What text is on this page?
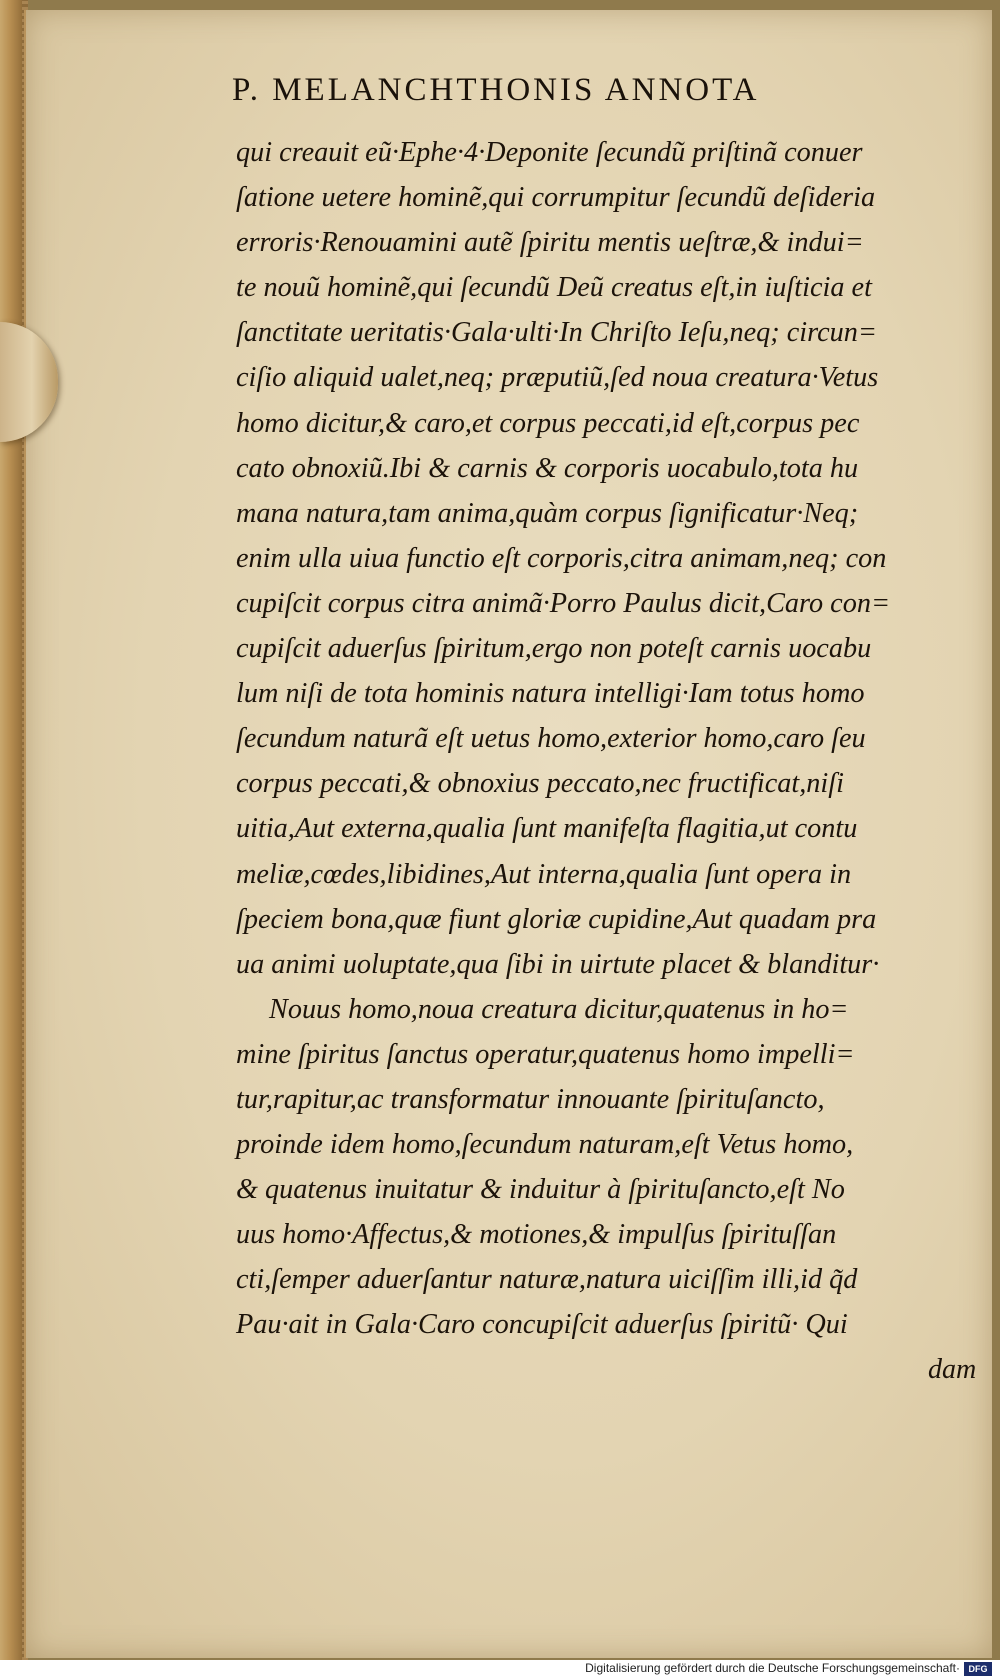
P. MELANCHTHONIS ANNOTA
qui creauit eũ·Ephe·4·Deponite ſecundũ priſtinã conuer
ſatione uetere hominẽ,qui corrumpitur ſecundũ deſideria
erroris·Renouamini autẽ ſpiritu mentis ueſtræ,& indui=
te nouũ hominẽ,qui ſecundũ Deũ creatus eſt,in iuſticia et
ſanctitate ueritatis·Gala·ulti·In Chriſto Ieſu,neq; circun=
ciſio aliquid ualet,neq; præputiũ,ſed noua creatura·Vetus
homo dicitur,& caro,et corpus peccati,id eſt,corpus pec
cato obnoxiũ.Ibi & carnis & corporis uocabulo,tota hu
mana natura,tam anima,quàm corpus ſignificatur·Neq;
enim ulla uiua functio eſt corporis,citra animam,neq; con
cupiſcit corpus citra animã·Porro Paulus dicit,Caro con=
cupiſcit aduerſus ſpiritum,ergo non poteſt carnis uocabu
lum niſi de tota hominis natura intelligi·Iam totus homo
ſecundum naturã eſt uetus homo,exterior homo,caro ſeu
corpus peccati,& obnoxius peccato,nec fructificat,niſi
uitia,Aut externa,qualia ſunt manifeſta flagitia,ut contu
meliæ,cœdes,libidines,Aut interna,qualia ſunt opera in
ſpeciem bona,quæ fiunt gloriæ cupidine,Aut quadam pra
ua animi uoluptate,qua ſibi in uirtute placet & blanditur·
Nouus homo,noua creatura dicitur,quatenus in ho=
mine ſpiritus ſanctus operatur,quatenus homo impelli=
tur,rapitur,ac transformatur innouante ſpirituſancto,
proinde idem homo,ſecundum naturam,eſt Vetus homo,
& quatenus inuitatur & induitur à ſpirituſancto,eſt No
uus homo·Affectus,& motiones,& impulſus ſpirituſſan
cti,ſemper aduerſantur naturæ,natura uiciſſim illi,id q̃d
Pau·ait in Gala·Caro concupiſcit aduerſus ſpiritũ· Qui
dam
Digitalisierung gefördert durch die Deutsche Forschungsgemeinschaft· DFG
